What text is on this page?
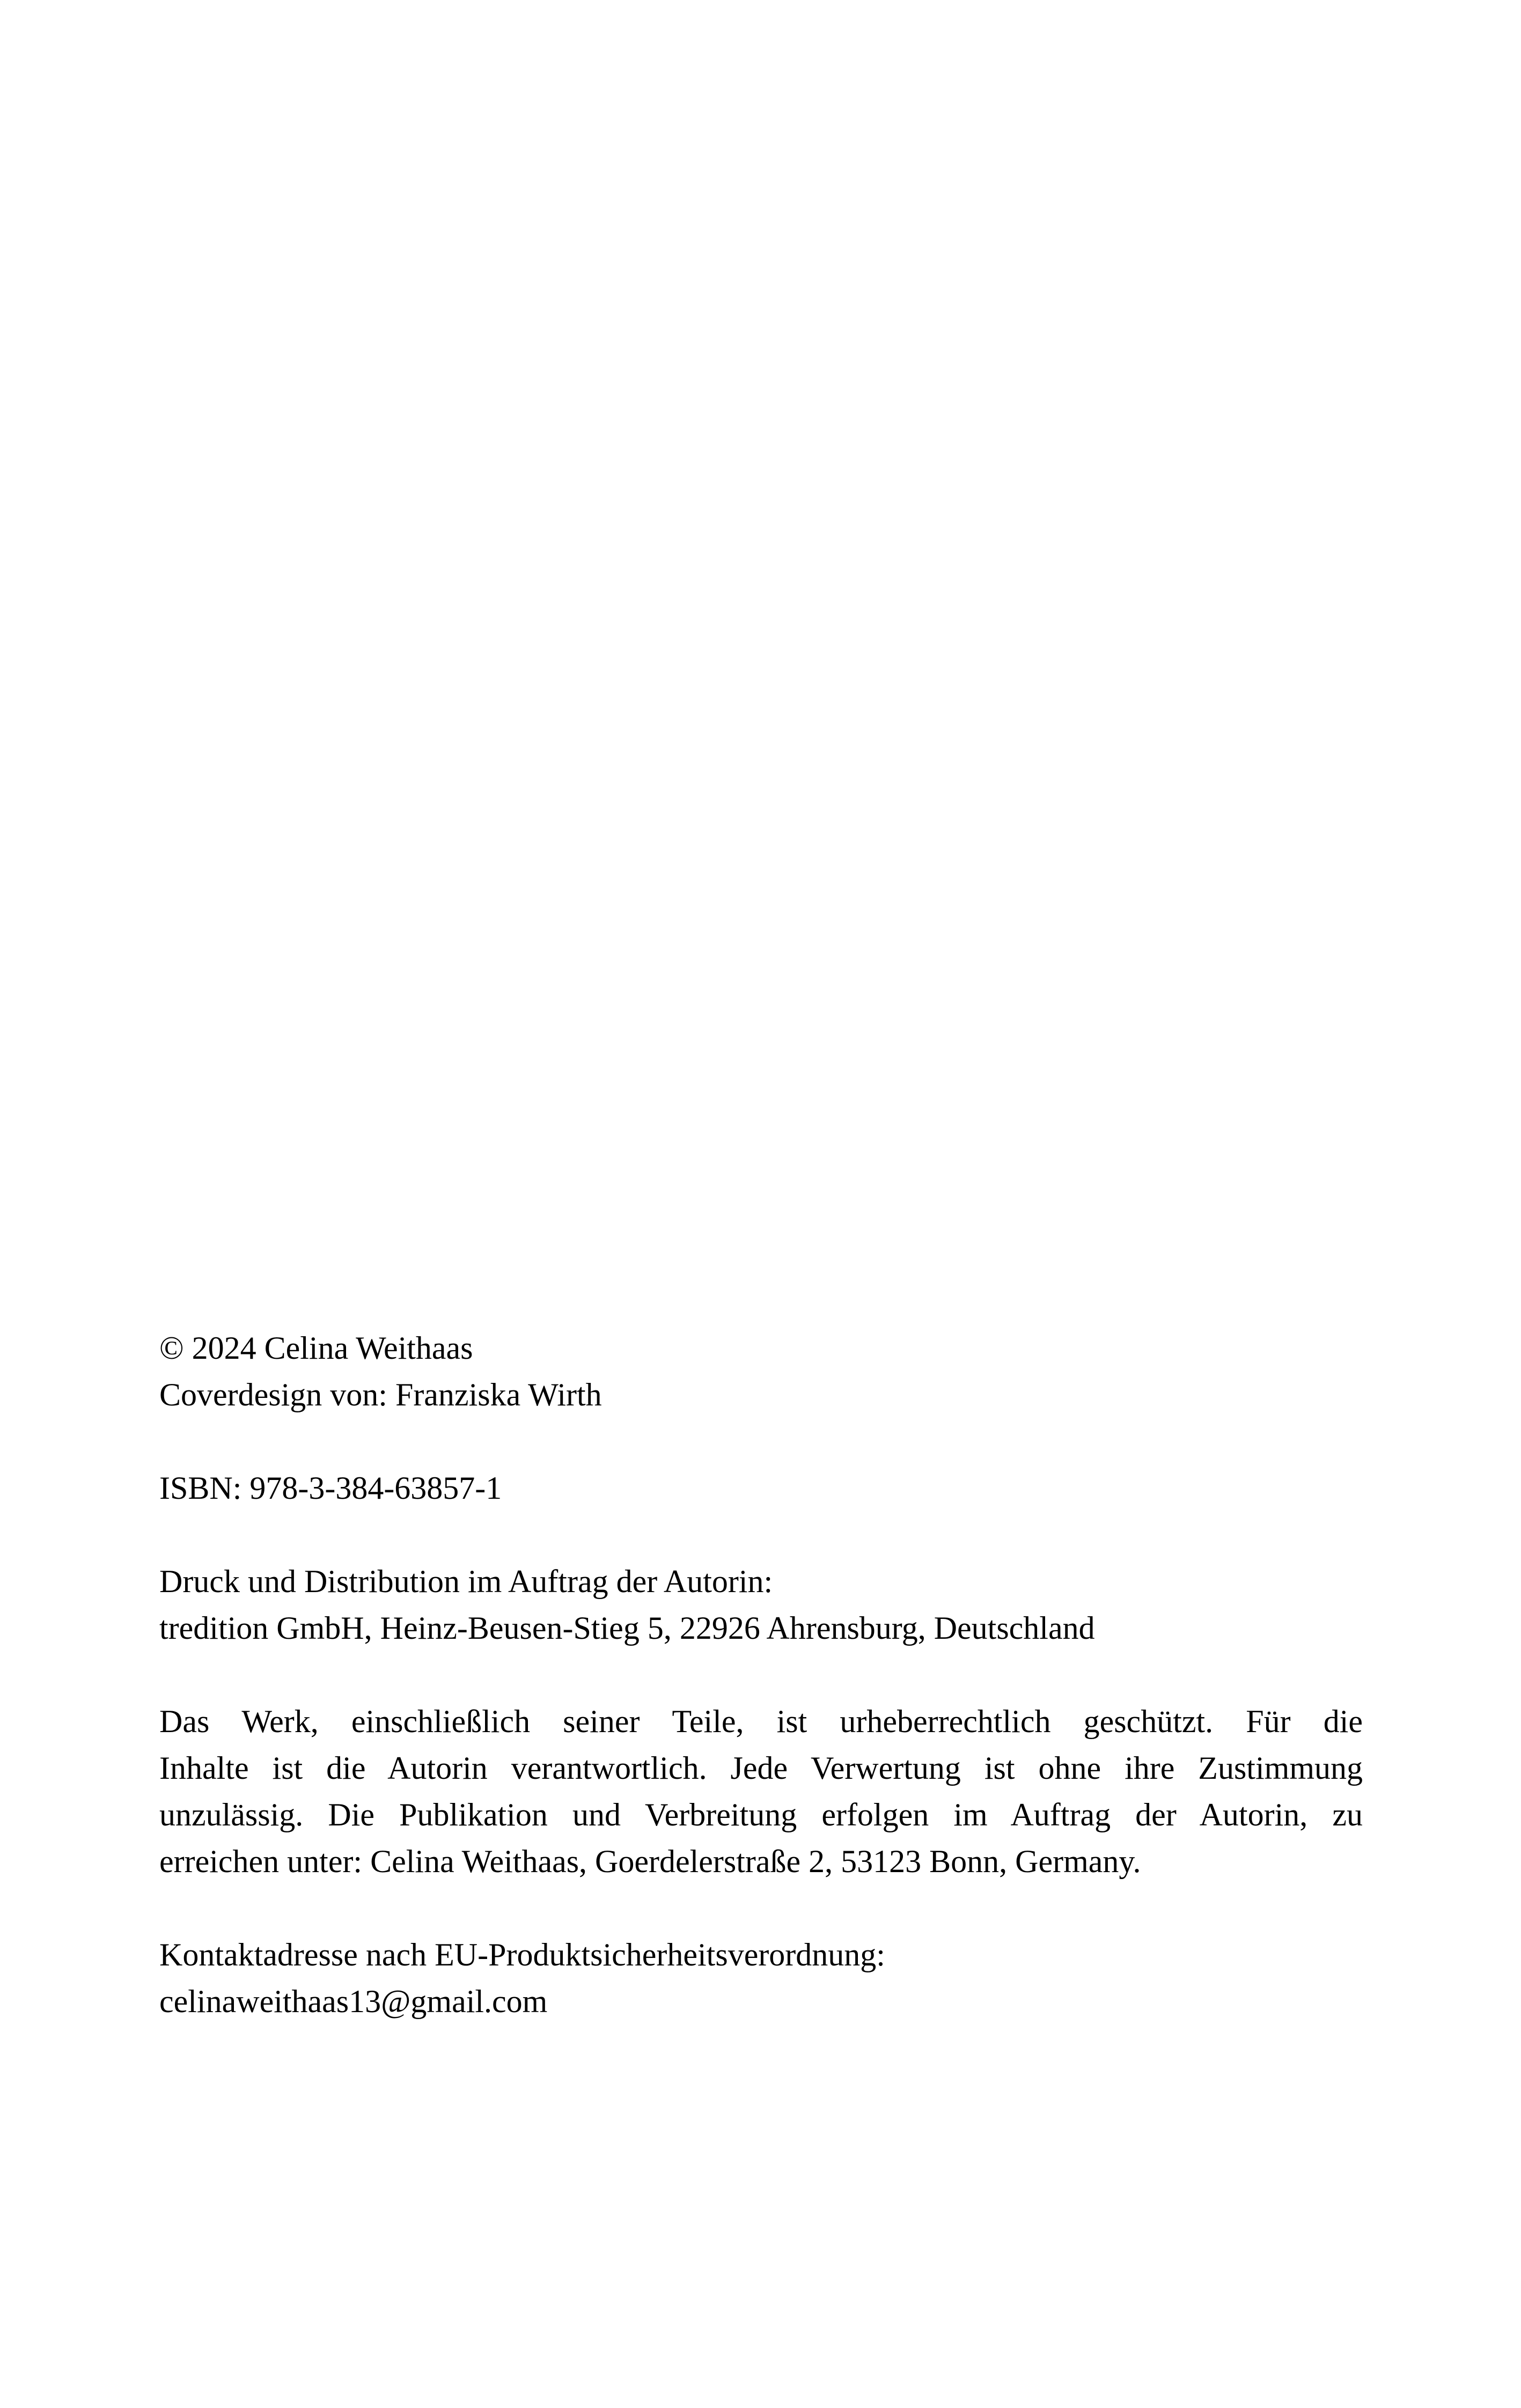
© 2024 Celina Weithaas

Coverdesign von: Franziska Wirth

ISBN: 978-3-384-63857-1

Druck und Distribution im Auftrag der Autorin:

tredition GmbH, Heinz-Beusen-Stieg 5, 22926 Ahrensburg, Deutschland

Das Werk, einschließlich seiner Teile, ist urheberrechtlich geschützt. Für die
Inhalte ist die Autorin verantwortlich. Jede Verwertung ist ohne ihre Zustimmung
unzulässig. Die Publikation und Verbreitung erfolgen im Auftrag der Autorin, zu
erreichen unter: Celina Weithaas, Goerdelerstraße 2, 53123 Bonn, Germany.

Kontaktadresse nach EU-Produktsicherheitsverordnung:

celinaweithaas13@gmail.com
